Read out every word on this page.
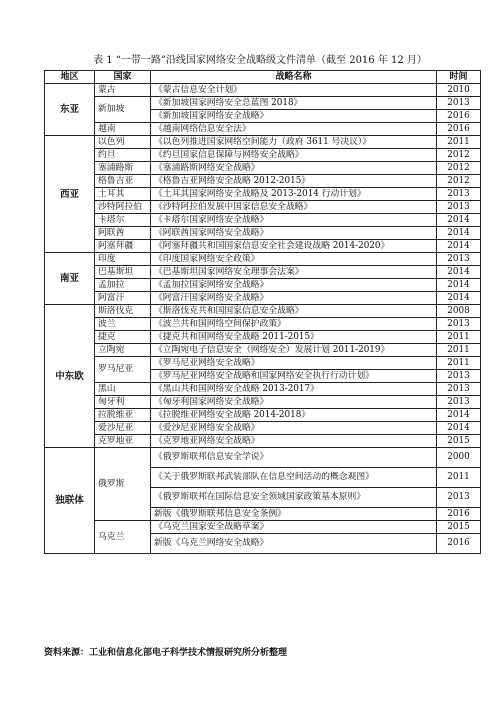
表 1 “一带一路”沿线国家网络安全战略级文件清单（截至 2016 年 12 月）
地区	国家	战略名称	时间
东亚	蒙古	《蒙古信息安全计划》	2010
	新加坡	《新加坡国家网络安全总蓝图 2018》	2013
		《新加坡国家网络安全战略》	2016
	越南	《越南网络信息安全法》	2016
西亚	以色列	《以色列推进国家网络空间能力（政府 3611 号决议）》	2011
	约旦	《约旦国家信息保障与网络安全战略》	2012
	塞浦路斯	《塞浦路斯网络安全战略》	2012
	格鲁吉亚	《格鲁吉亚网络安全战略 2012-2015》	2012
	土耳其	《土耳其国家网络安全战略及 2013-2014 行动计划》	2013
	沙特阿拉伯	《沙特阿拉伯发展中国家信息安全战略》	2013
	卡塔尔	《卡塔尔国家网络安全战略》	2014
	阿联酋	《阿联酋国家网络安全战略》	2014
	阿塞拜疆	《阿塞拜疆共和国国家信息安全社会建设战略 2014-2020》	2014
南亚	印度	《印度国家网络安全政策》	2013
	巴基斯坦	《巴基斯坦国家网络安全理事会法案》	2014
	孟加拉	《孟加拉国家网络安全战略》	2014
	阿富汗	《阿富汗国家网络安全战略》	2014
中东欧	斯洛伐克	《斯洛伐克共和国国家信息安全战略》	2008
	波兰	《波兰共和国网络空间保护政策》	2013
	捷克	《捷克共和国网络安全战略 2011-2015》	2011
	立陶宛	《立陶宛电子信息安全（网络安全）发展计划 2011-2019》	2011
	罗马尼亚	《罗马尼亚网络安全战略》	2011
		《罗马尼亚网络安全战略和国家网络安全执行行动计划》	2013
	黑山	《黑山共和国网络安全战略 2013-2017》	2013
	匈牙利	《匈牙利国家网络安全战略》	2013
	拉脱维亚	《拉脱维亚网络安全战略 2014-2018》	2014
	爱沙尼亚	《爱沙尼亚网络安全战略》	2014
	克罗地亚	《克罗地亚网络安全战略》	2015
独联体	俄罗斯	《俄罗斯联邦信息安全学说》	2000
		《关于俄罗斯联邦武装部队在信息空间活动的概念观图》	2011
		《俄罗斯联邦在国际信息安全领域国家政策基本原则》	2013
		新版《俄罗斯联邦信息安全条例》	2016
	乌克兰	《乌克兰国家安全战略草案》	2015
		新版《乌克兰网络安全战略》	2016
资料来源：工业和信息化部电子科学技术情报研究所分析整理
